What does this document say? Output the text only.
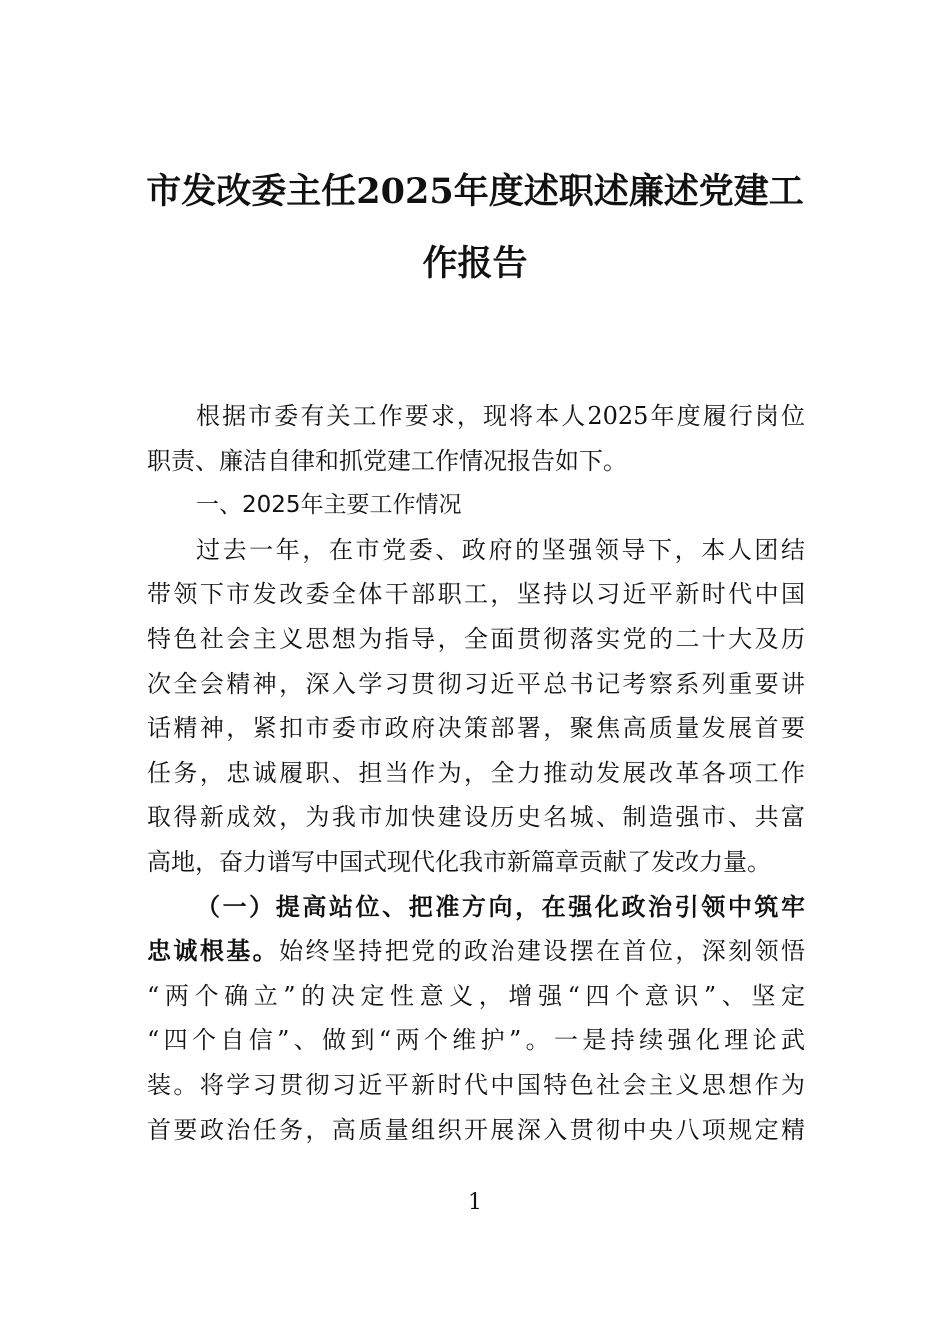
市发改委主任2025年度述职述廉述党建工
作报告
根据市委有关工作要求，现将本人2025年度履行岗位
职责、廉洁自律和抓党建工作情况报告如下。
一、2025年主要工作情况
过去一年，在市党委、政府的坚强领导下，本人团结
带领下市发改委全体干部职工，坚持以习近平新时代中国
特色社会主义思想为指导，全面贯彻落实党的二十大及历
次全会精神，深入学习贯彻习近平总书记考察系列重要讲
话精神，紧扣市委市政府决策部署，聚焦高质量发展首要
任务，忠诚履职、担当作为，全力推动发展改革各项工作
取得新成效，为我市加快建设历史名城、制造强市、共富
高地，奋力谱写中国式现代化我市新篇章贡献了发改力量。
（一）提高站位、把准方向，在强化政治引领中筑牢
忠诚根基。始终坚持把党的政治建设摆在首位，深刻领悟
“两个确立”的决定性意义，增强“四个意识”、坚定
“四个自信”、做到“两个维护”。一是持续强化理论武
装。将学习贯彻习近平新时代中国特色社会主义思想作为
首要政治任务，高质量组织开展深入贯彻中央八项规定精
1
